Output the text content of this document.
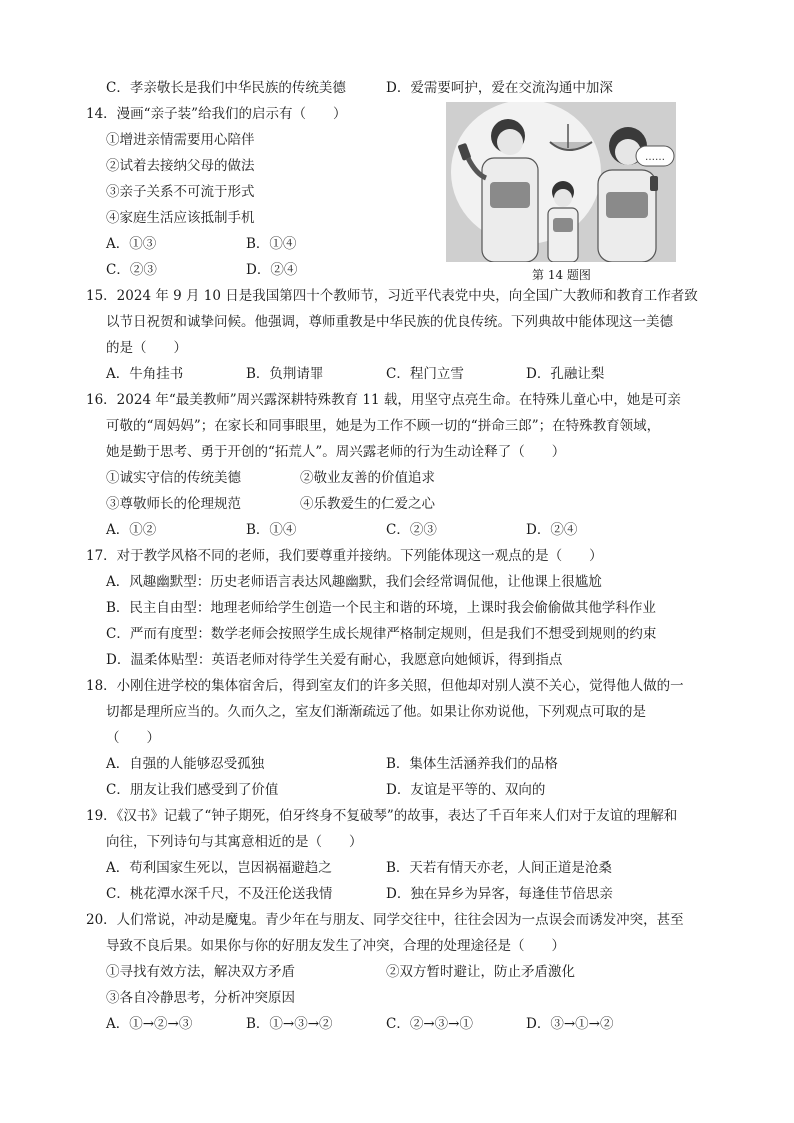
C．孝亲敬长是我们中华民族的传统美德	D．爱需要呵护，爱在交流沟通中加深
14．漫画“亲子装”给我们的启示有（　　）
①增进亲情需要用心陪伴
②试着去接纳父母的做法
③亲子关系不可流于形式
④家庭生活应该抵制手机
A．①③	B．①④
C．②③	D．②④
……
第 14 题图
15．2024 年 9 月 10 日是我国第四十个教师节，习近平代表党中央，向全国广大教师和教育工作者致
以节日祝贺和诚挚问候。他强调，尊师重教是中华民族的优良传统。下列典故中能体现这一美德
的是（　　）
A．牛角挂书	B．负荆请罪	C．程门立雪	D．孔融让梨
16．2024 年“最美教师”周兴露深耕特殊教育 11 载，用坚守点亮生命。在特殊儿童心中，她是可亲
可敬的“周妈妈”；在家长和同事眼里，她是为工作不顾一切的“拼命三郎”；在特殊教育领域，
她是勤于思考、勇于开创的“拓荒人”。周兴露老师的行为生动诠释了（　　）
①诚实守信的传统美德	②敬业友善的价值追求
③尊敬师长的伦理规范	④乐教爱生的仁爱之心
A．①②	B．①④	C．②③	D．②④
17．对于教学风格不同的老师，我们要尊重并接纳。下列能体现这一观点的是（　　）
A．风趣幽默型：历史老师语言表达风趣幽默，我们会经常调侃他，让他课上很尴尬
B．民主自由型：地理老师给学生创造一个民主和谐的环境，上课时我会偷偷做其他学科作业
C．严而有度型：数学老师会按照学生成长规律严格制定规则，但是我们不想受到规则的约束
D．温柔体贴型：英语老师对待学生关爱有耐心，我愿意向她倾诉，得到指点
18．小刚住进学校的集体宿舍后，得到室友们的许多关照，但他却对别人漠不关心，觉得他人做的一
切都是理所应当的。久而久之，室友们渐渐疏远了他。如果让你劝说他，下列观点可取的是
（　　）
A．自强的人能够忍受孤独	B．集体生活涵养我们的品格
C．朋友让我们感受到了价值	D．友谊是平等的、双向的
19．《汉书》记载了“钟子期死，伯牙终身不复破琴”的故事，表达了千百年来人们对于友谊的理解和
向往，下列诗句与其寓意相近的是（　　）
A．苟利国家生死以，岂因祸福避趋之	B．天若有情天亦老，人间正道是沧桑
C．桃花潭水深千尺，不及汪伦送我情	D．独在异乡为异客，每逢佳节倍思亲
20．人们常说，冲动是魔鬼。青少年在与朋友、同学交往中，往往会因为一点误会而诱发冲突，甚至
导致不良后果。如果你与你的好朋友发生了冲突，合理的处理途径是（　　）
①寻找有效方法，解决双方矛盾	②双方暂时避让，防止矛盾激化
③各自冷静思考，分析冲突原因
A．①→②→③	B．①→③→②	C．②→③→①	D．③→①→②
